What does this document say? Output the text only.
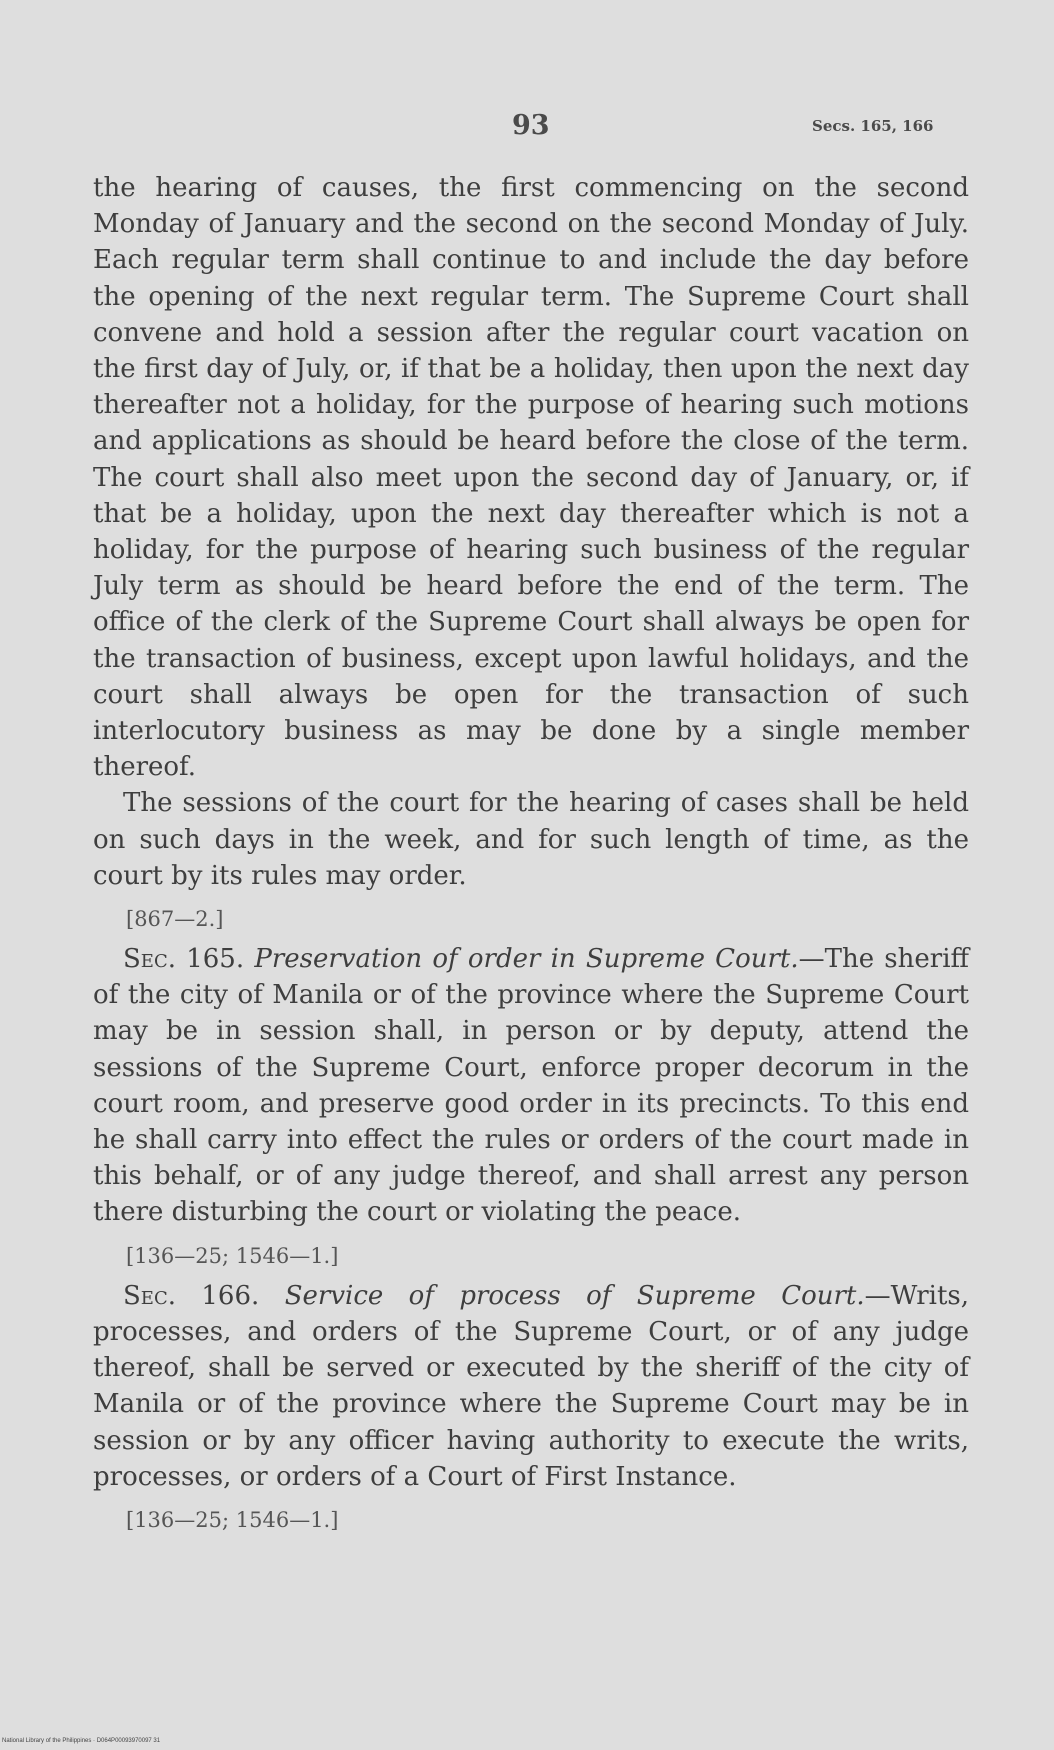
93	Secs. 165, 166

the hearing of causes, the first commencing on the second Monday of January and the second on the second Monday of July. Each regular term shall continue to and include the day before the opening of the next regular term. The Supreme Court shall convene and hold a session after the regular court vacation on the first day of July, or, if that be a holiday, then upon the next day thereafter not a holiday, for the purpose of hearing such motions and applications as should be heard before the close of the term. The court shall also meet upon the second day of January, or, if that be a holiday, upon the next day thereafter which is not a holiday, for the purpose of hearing such business of the regular July term as should be heard before the end of the term. The office of the clerk of the Supreme Court shall always be open for the transaction of business, except upon lawful holidays, and the court shall always be open for the transaction of such interlocutory business as may be done by a single member thereof.

The sessions of the court for the hearing of cases shall be held on such days in the week, and for such length of time, as the court by its rules may order.

[867—2.]

Sec. 165. Preservation of order in Supreme Court.—The sheriff of the city of Manila or of the province where the Supreme Court may be in session shall, in person or by deputy, attend the sessions of the Supreme Court, enforce proper decorum in the court room, and preserve good order in its precincts. To this end he shall carry into effect the rules or orders of the court made in this behalf, or of any judge thereof, and shall arrest any person there disturbing the court or violating the peace.

[136—25; 1546—1.]

Sec. 166. Service of process of Supreme Court.—Writs, processes, and orders of the Supreme Court, or of any judge thereof, shall be served or executed by the sheriff of the city of Manila or of the province where the Supreme Court may be in session or by any officer having authority to execute the writs, processes, or orders of a Court of First Instance.

[136—25; 1546—1.]
National Library of the Philippines · D064P00093970097 31
